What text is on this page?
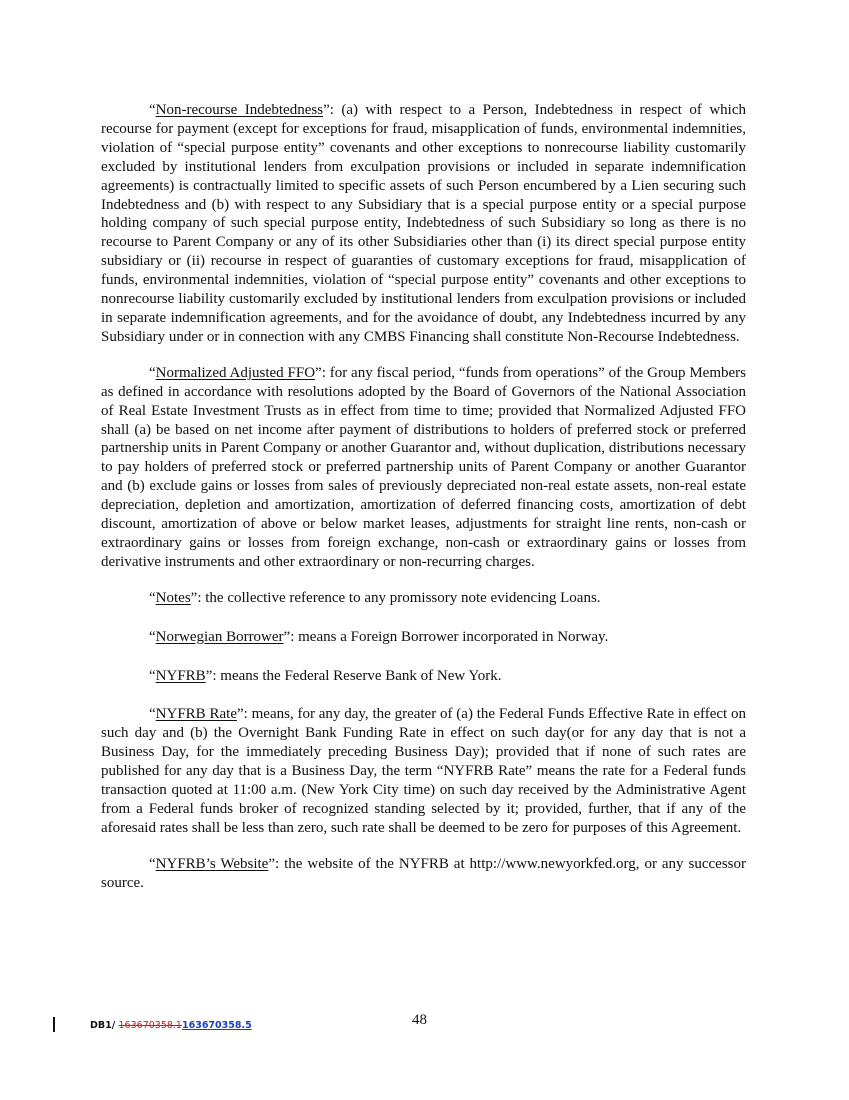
“Non-recourse Indebtedness”: (a) with respect to a Person, Indebtedness in respect of which recourse for payment (except for exceptions for fraud, misapplication of funds, environmental indemnities, violation of “special purpose entity” covenants and other exceptions to nonrecourse liability customarily excluded by institutional lenders from exculpation provisions or included in separate indemnification agreements) is contractually limited to specific assets of such Person encumbered by a Lien securing such Indebtedness and (b) with respect to any Subsidiary that is a special purpose entity or a special purpose holding company of such special purpose entity, Indebtedness of such Subsidiary so long as there is no recourse to Parent Company or any of its other Subsidiaries other than (i) its direct special purpose entity subsidiary or (ii) recourse in respect of guaranties of customary exceptions for fraud, misapplication of funds, environmental indemnities, violation of “special purpose entity” covenants and other exceptions to nonrecourse liability customarily excluded by institutional lenders from exculpation provisions or included in separate indemnification agreements, and for the avoidance of doubt, any Indebtedness incurred by any Subsidiary under or in connection with any CMBS Financing shall constitute Non-Recourse Indebtedness.

“Normalized Adjusted FFO”: for any fiscal period, “funds from operations” of the Group Members as defined in accordance with resolutions adopted by the Board of Governors of the National Association of Real Estate Investment Trusts as in effect from time to time; provided that Normalized Adjusted FFO shall (a) be based on net income after payment of distributions to holders of preferred stock or preferred partnership units in Parent Company or another Guarantor and, without duplication, distributions necessary to pay holders of preferred stock or preferred partnership units of Parent Company or another Guarantor and (b) exclude gains or losses from sales of previously depreciated non-real estate assets, non-real estate depreciation, depletion and amortization, amortization of deferred financing costs, amortization of debt discount, amortization of above or below market leases, adjustments for straight line rents, non-cash or extraordinary gains or losses from foreign exchange, non-cash or extraordinary gains or losses from derivative instruments and other extraordinary or non-recurring charges.

“Notes”: the collective reference to any promissory note evidencing Loans.

“Norwegian Borrower”: means a Foreign Borrower incorporated in Norway.

“NYFRB”: means the Federal Reserve Bank of New York.

“NYFRB Rate”: means, for any day, the greater of (a) the Federal Funds Effective Rate in effect on such day and (b) the Overnight Bank Funding Rate in effect on such day(or for any day that is not a Business Day, for the immediately preceding Business Day); provided that if none of such rates are published for any day that is a Business Day, the term “NYFRB Rate” means the rate for a Federal funds transaction quoted at 11:00 a.m. (New York City time) on such day received by the Administrative Agent from a Federal funds broker of recognized standing selected by it; provided, further, that if any of the aforesaid rates shall be less than zero, such rate shall be deemed to be zero for purposes of this Agreement.

“NYFRB’s Website”: the website of the NYFRB at http://www.newyorkfed.org, or any successor source.

DB1/ 163670358.1163670358.5	48
